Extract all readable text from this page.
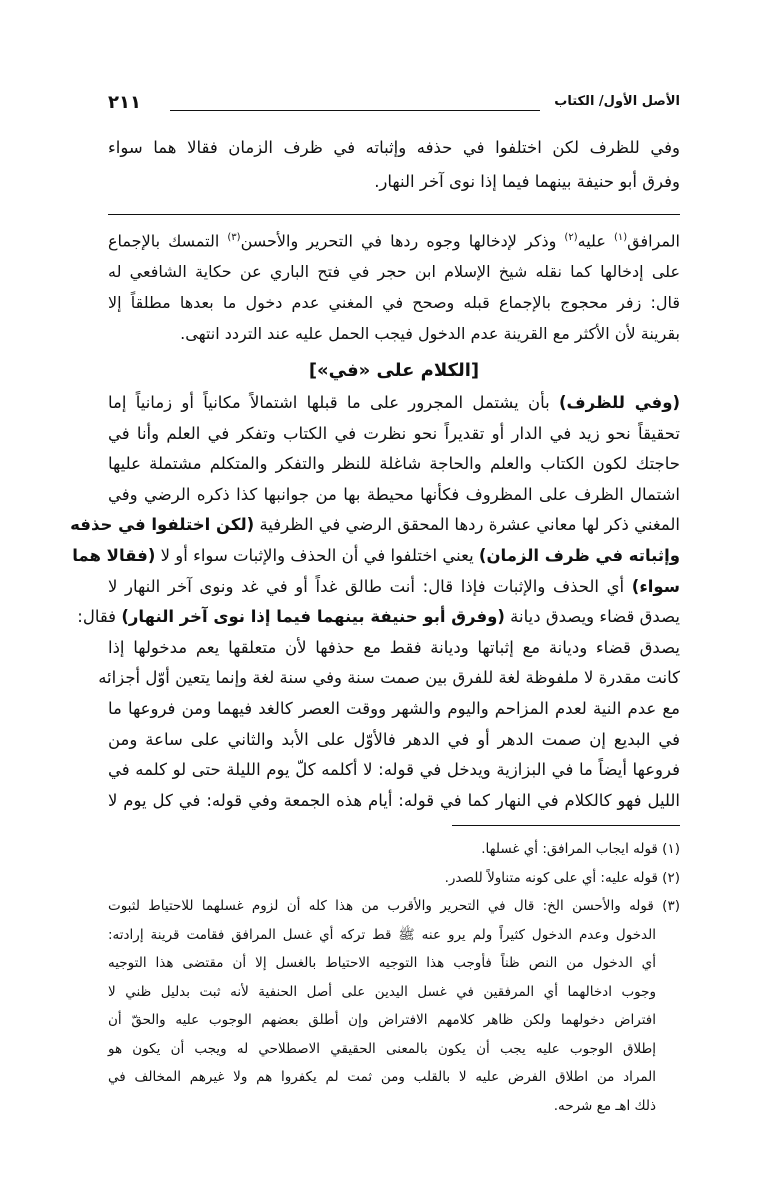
الأصل الأول/ الكتاب
٢١١
وفي للظرف لكن اختلفوا في حذفه وإثباته في ظرف الزمان فقالا هما سواء
وفرق أبو حنيفة بينهما فيما إذا نوى آخر النهار.
المرافق$^{(١)}$ عليه$^{(٢)}$ وذكر لإدخالها وجوه ردها في التحرير والأحسن$^{(٣)}$ التمسك بالإجماع
على إدخالها كما نقله شيخ الإسلام ابن حجر في فتح الباري عن حكاية الشافعي له
قال: زفر محجوج بالإجماع قبله وصحح في المغني عدم دخول ما بعدها مطلقاً إلا
بقرينة لأن الأكثر مع القرينة عدم الدخول فيجب الحمل عليه عند التردد انتهى.
[الكلام على «في»]
(وفي للظرف) بأن يشتمل المجرور على ما قبلها اشتمالاً مكانياً أو زمانياً إما
تحقيقاً نحو زيد في الدار أو تقديراً نحو نظرت في الكتاب وتفكر في العلم وأنا في
حاجتك لكون الكتاب والعلم والحاجة شاغلة للنظر والتفكر والمتكلم مشتملة عليها
اشتمال الظرف على المظروف فكأنها محيطة بها من جوانبها كذا ذكره الرضي وفي
المغني ذكر لها معاني عشرة ردها المحقق الرضي في الظرفية (لكن اختلفوا في حذفه
وإثباته في ظرف الزمان) يعني اختلفوا في أن الحذف والإثبات سواء أو لا (فقالا هما
سواء) أي الحذف والإثبات فإذا قال: أنت طالق غداً أو في غد ونوى آخر النهار لا
يصدق قضاء ويصدق ديانة (وفرق أبو حنيفة بينهما فيما إذا نوى آخر النهار) فقال:
يصدق قضاء وديانة مع إثباتها وديانة فقط مع حذفها لأن متعلقها يعم مدخولها إذا
كانت مقدرة لا ملفوظة لغة للفرق بين صمت سنة وفي سنة لغة وإنما يتعين أوّل أجزائه
مع عدم النية لعدم المزاحم واليوم والشهر ووقت العصر كالغد فيهما ومن فروعها ما
في البديع إن صمت الدهر أو في الدهر فالأوّل على الأبد والثاني على ساعة ومن
فروعها أيضاً ما في البزازية ويدخل في قوله: لا أكلمه كلّ يوم الليلة حتى لو كلمه في
الليل فهو كالكلام في النهار كما في قوله: أيام هذه الجمعة وفي قوله: في كل يوم لا
(١) قوله ايجاب المرافق: أي غسلها.
(٢) قوله عليه: أي على كونه متناولاً للصدر.
(٣) قوله والأحسن الخ: قال في التحرير والأقرب من هذا كله أن لزوم غسلهما للاحتياط لثبوت
الدخول وعدم الدخول كثيراً ولم يرو عنه ﷺ قط تركه أي غسل المرافق فقامت قرينة إرادته:
أي الدخول من النص ظناً فأوجب هذا التوجيه الاحتياط بالغسل إلا أن مقتضى هذا التوجيه
وجوب ادخالهما أي المرفقين في غسل اليدين على أصل الحنفية لأنه ثبت بدليل ظني لا
افتراض دخولهما ولكن ظاهر كلامهم الافتراض وإن أطلق بعضهم الوجوب عليه والحقّ أن
إطلاق الوجوب عليه يجب أن يكون بالمعنى الحقيقي الاصطلاحي له ويجب أن يكون هو
المراد من اطلاق الفرض عليه لا بالقلب ومن ثمت لم يكفروا هم ولا غيرهم المخالف في
ذلك اهـ مع شرحه.
